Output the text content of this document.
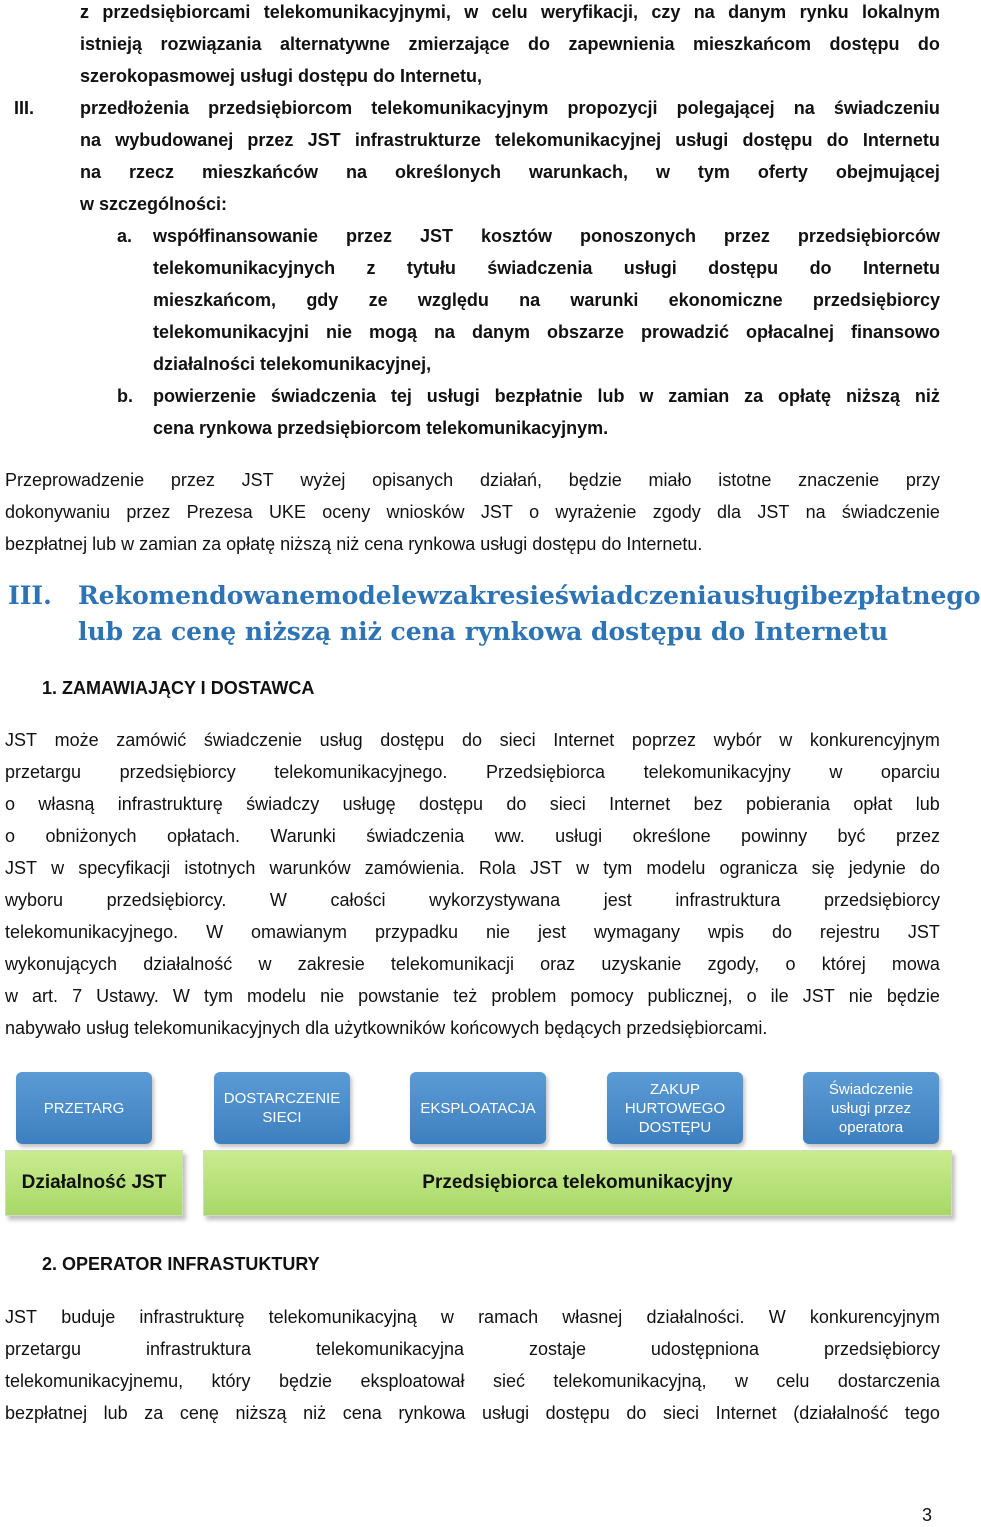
z przedsiębiorcami telekomunikacyjnymi, w celu weryfikacji, czy na danym rynku lokalnym
istnieją rozwiązania alternatywne zmierzające do zapewnienia mieszkańcom dostępu do
szerokopasmowej usługi dostępu do Internetu,
III.	przedłożenia przedsiębiorcom telekomunikacyjnym propozycji polegającej na świadczeniu
na wybudowanej przez JST infrastrukturze telekomunikacyjnej usługi dostępu do Internetu
na rzecz mieszkańców na określonych warunkach, w tym oferty obejmującej
w szczególności:
a. współfinansowanie przez JST kosztów ponoszonych przez przedsiębiorców
telekomunikacyjnych z tytułu świadczenia usługi dostępu do Internetu
mieszkańcom, gdy ze względu na warunki ekonomiczne przedsiębiorcy
telekomunikacyjni nie mogą na danym obszarze prowadzić opłacalnej finansowo
działalności telekomunikacyjnej,
b. powierzenie świadczenia tej usługi bezpłatnie lub w zamian za opłatę niższą niż
cena rynkowa przedsiębiorcom telekomunikacyjnym.
Przeprowadzenie przez JST wyżej opisanych działań, będzie miało istotne znaczenie przy
dokonywaniu przez Prezesa UKE oceny wniosków JST o wyrażenie zgody dla JST na świadczenie
bezpłatnej lub w zamian za opłatę niższą niż cena rynkowa usługi dostępu do Internetu.
III. Rekomendowane modele w zakresie świadczenia usługi bezpłatnego
lub za cenę niższą niż cena rynkowa dostępu do Internetu
1. ZAMAWIAJĄCY I DOSTAWCA
JST może zamówić świadczenie usług dostępu do sieci Internet poprzez wybór w konkurencyjnym
przetargu przedsiębiorcy telekomunikacyjnego. Przedsiębiorca telekomunikacyjny w oparciu
o własną infrastrukturę świadczy usługę dostępu do sieci Internet bez pobierania opłat lub
o obniżonych opłatach. Warunki świadczenia ww. usługi określone powinny być przez
JST w specyfikacji istotnych warunków zamówienia. Rola JST w tym modelu ogranicza się jedynie do
wyboru przedsiębiorcy. W całości wykorzystywana jest infrastruktura przedsiębiorcy
telekomunikacyjnego. W omawianym przypadku nie jest wymagany wpis do rejestru JST
wykonujących działalność w zakresie telekomunikacji oraz uzyskanie zgody, o której mowa
w art. 7 Ustawy. W tym modelu nie powstanie też problem pomocy publicznej, o ile JST nie będzie
nabywało usług telekomunikacyjnych dla użytkowników końcowych będących przedsiębiorcami.
PRZETARG
DOSTARCZENIE
SIECI
EKSPLOATACJA
ZAKUP
HURTOWEGO
DOSTĘPU
Świadczenie
usługi przez
operatora
Działalność JST	Przedsiębiorca telekomunikacyjny
2. OPERATOR INFRASTUKTURY
JST buduje infrastrukturę telekomunikacyjną w ramach własnej działalności. W konkurencyjnym
przetargu	infrastruktura	telekomunikacyjna	zostaje	udostępniona	przedsiębiorcy
telekomunikacyjnemu, który będzie eksploatował sieć telekomunikacyjną, w celu dostarczenia
bezpłatnej lub za cenę niższą niż cena rynkowa usługi dostępu do sieci Internet (działalność tego
3
